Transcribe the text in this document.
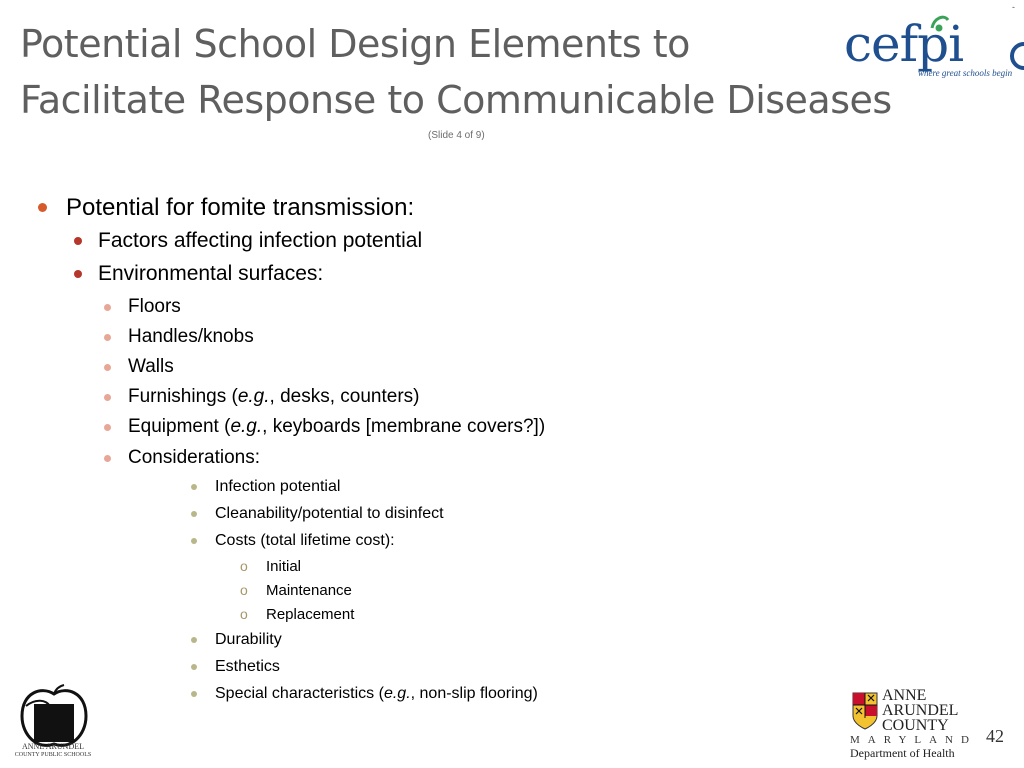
Potential School Design Elements to
Facilitate Response to Communicable Diseases
(Slide 4 of 9)
cefpi
where great schools begin
-
Potential for fomite transmission:
Factors affecting infection potential
Environmental surfaces:
Floors
Handles/knobs
Walls
Furnishings (e.g., desks, counters)
Equipment (e.g., keyboards [membrane covers?])
Considerations:
Infection potential
Cleanability/potential to disinfect
Costs (total lifetime cost):
o Initial
o Maintenance
o Replacement
Durability
Esthetics
Special characteristics (e.g., non-slip flooring)
ANNE ARUNDEL
COUNTY PUBLIC SCHOOLS
ANNE
ARUNDEL
COUNTY
MARYLAND
Department of Health
42
